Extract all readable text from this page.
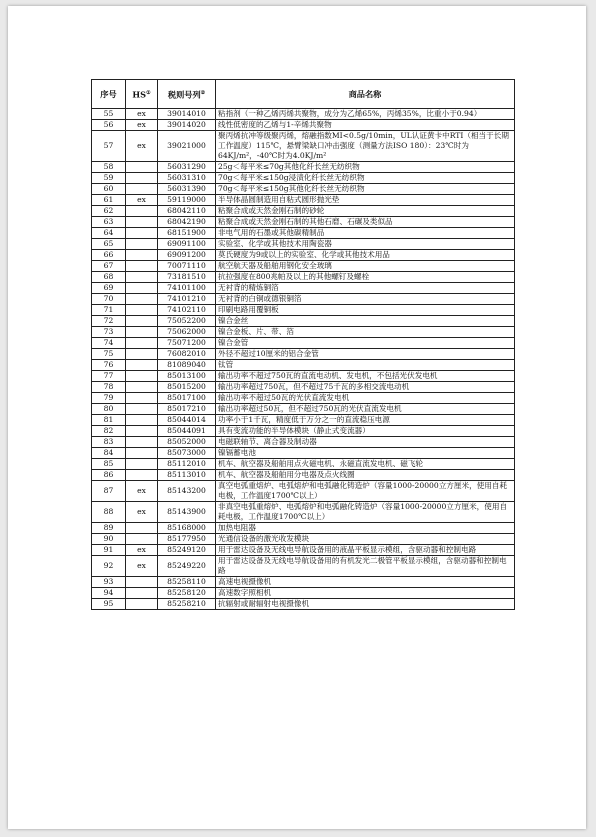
序号	HS①	税则号列②	商品名称
55	ex	39014010	粘指剂（一种乙烯丙烯共聚物，成分为乙烯65%，丙烯35%，比重小于0.94）
56	ex	39014020	线性低密度的乙烯与1-辛烯共聚物
57	ex	39021000	聚丙烯抗冲等级聚丙烯，熔融指数MI<0.5g/10min，UL认证黄卡中RTI（相当于长期工作温度）115℃，悬臂梁缺口冲击强度（测量方法ISO 180）：23℃时为64KJ/m²，-40℃时为4.0KJ/m²
58		56031290	25g＜每平米≤70g其他化纤长丝无纺织物
59		56031310	70g＜每平米≤150g浸渍化纤长丝无纺织物
60		56031390	70g＜每平米≤150g其他化纤长丝无纺织物
61	ex	59119000	半导体晶圆制造用自粘式圆形抛光垫
62		68042110	粘聚合成或天然金刚石制的砂轮
63		68042190	粘聚合成或天然金刚石制的其他石磨、石碾及类似品
64		68151900	非电气用的石墨或其他碳精制品
65		69091100	实验室、化学或其他技术用陶瓷器
66		69091200	莫氏硬度为9或以上的实验室、化学或其他技术用品
67		70071110	航空航天器及船舶用钢化安全玻璃
68		73181510	抗拉强度在800兆帕及以上的其他螺钉及螺栓
69		74101100	无衬背的精炼铜箔
70		74101210	无衬背的白铜或德银铜箔
71		74102110	印刷电路用覆铜板
72		75052200	镍合金丝
73		75062000	镍合金板、片、带、箔
74		75071200	镍合金管
75		76082010	外径不超过10厘米的铝合金管
76		81089040	钛管
77		85013100	输出功率不超过750瓦的直流电动机、发电机，不包括光伏发电机
78		85015200	输出功率超过750瓦，但不超过75千瓦的多相交流电动机
79		85017100	输出功率不超过50瓦的光伏直流发电机
80		85017210	输出功率超过50瓦，但不超过750瓦的光伏直流发电机
81		85044014	功率小于1千瓦，精度低于万分之一的直流稳压电源
82		85044091	具有变流功能的半导体模块（静止式变流器）
83		85052000	电磁联轴节、离合器及制动器
84		85073000	镍镉蓄电池
85		85112010	机车、航空器及船舶用点火磁电机、永磁直流发电机、磁飞轮
86		85113010	机车、航空器及船舶用分电器及点火线圈
87	ex	85143200	真空电弧重熔炉、电弧熔炉和电弧融化铸造炉（容量1000-20000立方厘米，使用自耗电极，工作温度1700℃以上）
88	ex	85143900	非真空电弧重熔炉、电弧熔炉和电弧融化铸造炉（容量1000-20000立方厘米，使用自耗电极，工作温度1700℃以上）
89		85168000	加热电阻器
90		85177950	光通信设备的激光收发模块
91	ex	85249120	用于雷达设备及无线电导航设备用的液晶平板显示模组，含驱动器和控制电路
92	ex	85249220	用于雷达设备及无线电导航设备用的有机发光二极管平板显示模组，含驱动器和控制电路
93		85258110	高速电视摄像机
94		85258120	高速数字照相机
95		85258210	抗辐射或耐辐射电视摄像机
